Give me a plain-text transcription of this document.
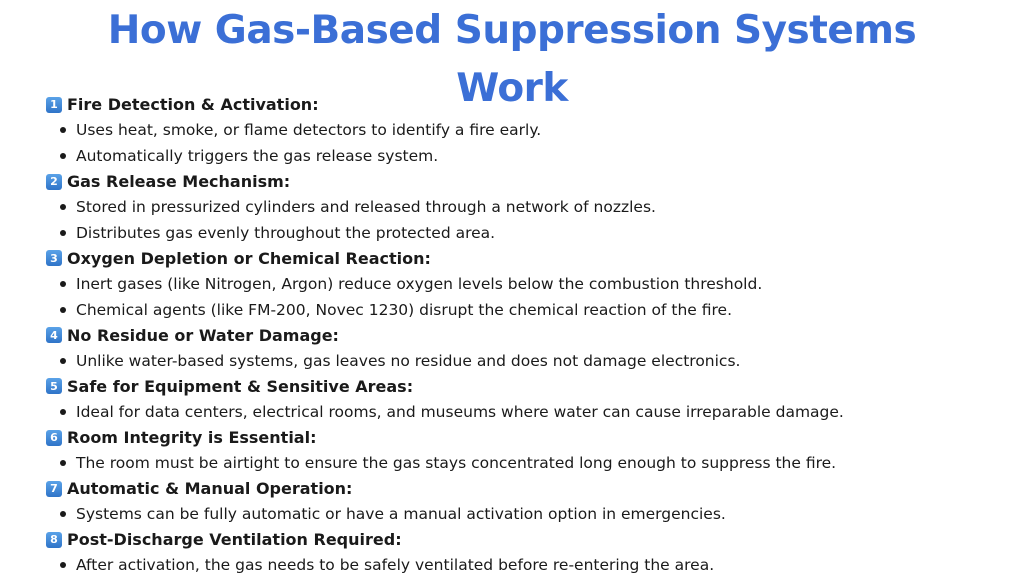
How Gas-Based Suppression Systems
Work
1 Fire Detection & Activation:
Uses heat, smoke, or flame detectors to identify a fire early.
Automatically triggers the gas release system.
2 Gas Release Mechanism:
Stored in pressurized cylinders and released through a network of nozzles.
Distributes gas evenly throughout the protected area.
3 Oxygen Depletion or Chemical Reaction:
Inert gases (like Nitrogen, Argon) reduce oxygen levels below the combustion threshold.
Chemical agents (like FM-200, Novec 1230) disrupt the chemical reaction of the fire.
4 No Residue or Water Damage:
Unlike water-based systems, gas leaves no residue and does not damage electronics.
5 Safe for Equipment & Sensitive Areas:
Ideal for data centers, electrical rooms, and museums where water can cause irreparable damage.
6 Room Integrity is Essential:
The room must be airtight to ensure the gas stays concentrated long enough to suppress the fire.
7 Automatic & Manual Operation:
Systems can be fully automatic or have a manual activation option in emergencies.
8 Post-Discharge Ventilation Required:
After activation, the gas needs to be safely ventilated before re-entering the area.
